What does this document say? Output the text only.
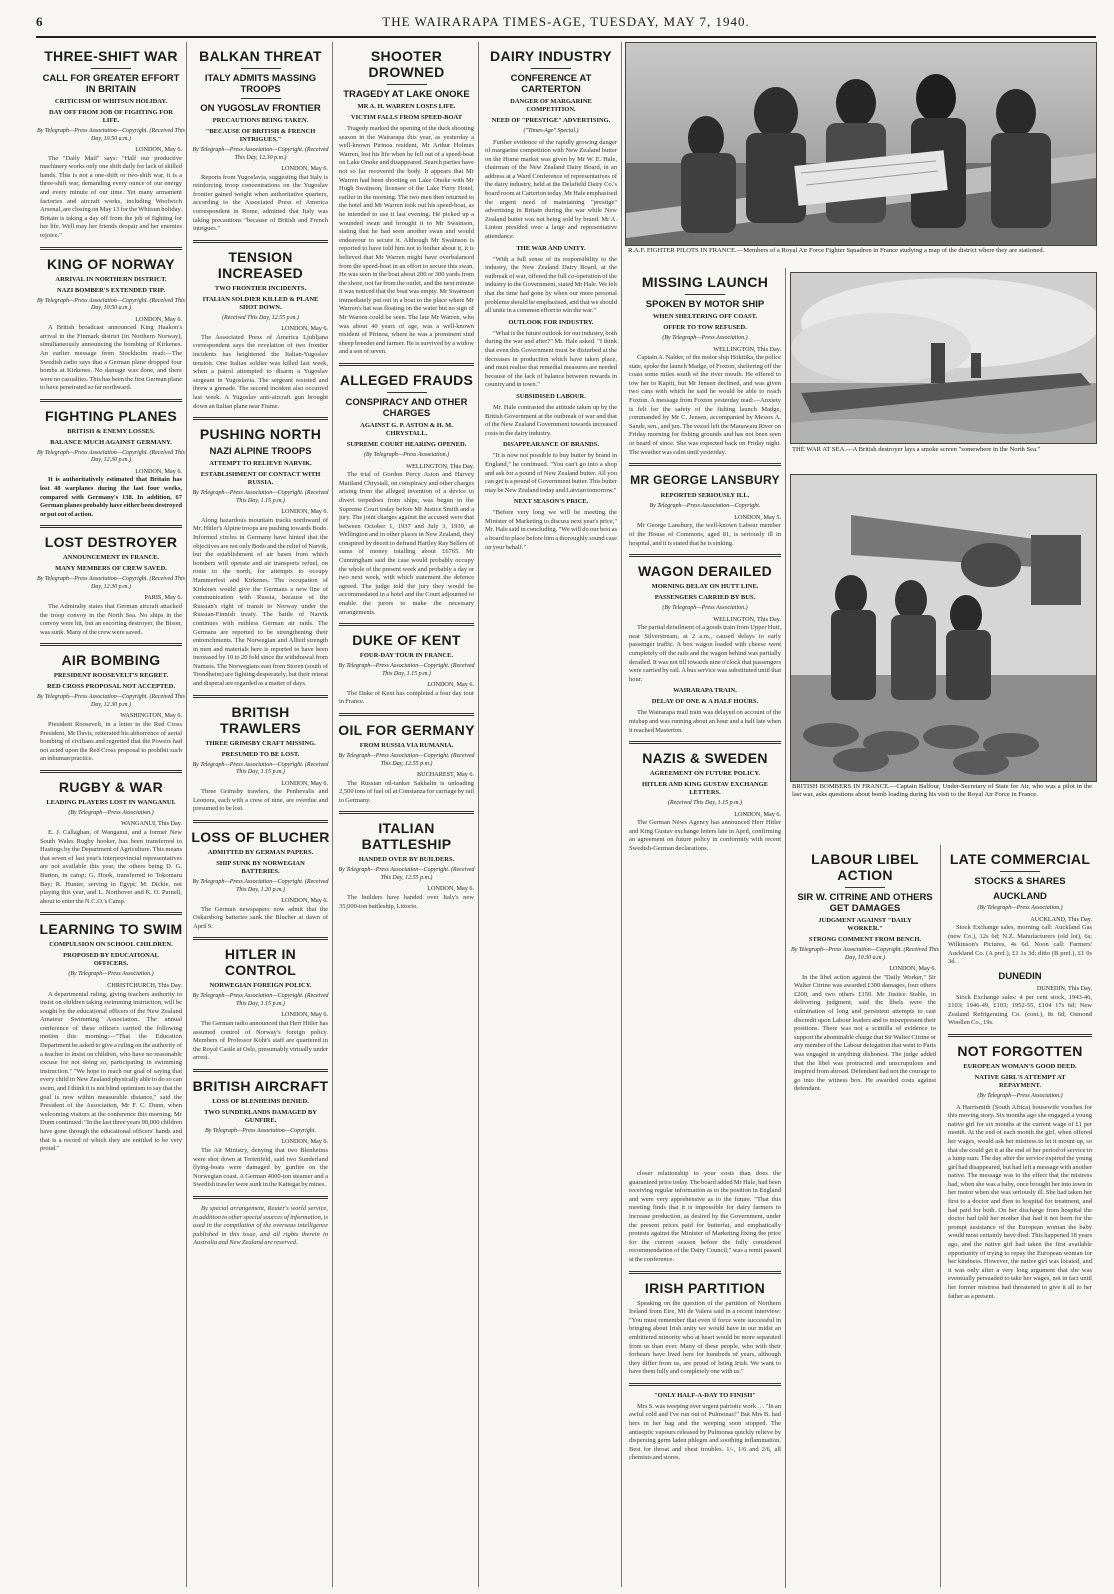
6	THE WAIRARAPA TIMES-AGE, TUESDAY, MAY 7, 1940.
THREE-SHIFT WAR
CALL FOR GREATER EFFORT IN BRITAIN
CRITICISM OF WHITSUN HOLIDAY.
DAY OFF FROM JOB OF FIGHTING FOR LIFE.
By Telegraph—Press Association—Copyright. (Received This Day, 10.50 a.m.)
LONDON, May 6.
The "Daily Mail" says: "Half our productive machinery works only one shift daily for lack of skilled hands. This is not a one-shift or two-shift war, it is a three-shift war, demanding every ounce of our energy and every minute of our time. Yet many armament factories and aircraft works, including Woolwich Arsenal, are closing on May 13 for the Whitsun holiday. Britain is taking a day off from the job of fighting for her life. Well may her friends despair and her enemies rejoice."
KING OF NORWAY
ARRIVAL IN NORTHERN DISTRICT.
NAZI BOMBER'S EXTENDED TRIP.
By Telegraph—Press Association—Copyright. (Received This Day, 10.50 a.m.)
LONDON, May 6.
A British broadcast announced King Haakon's arrival in the Finmark district (in Northern Norway), simultaneously announcing the bombing of Kirkenes. An earlier message from Stockholm read:—The Swedish radio says that a German plane dropped four bombs at Kirkenes. No damage was done, and there were no casualties. This has been the first German plane to have penetrated so far northward.
FIGHTING PLANES
BRITISH & ENEMY LOSSES.
BALANCE MUCH AGAINST GERMANY.
By Telegraph—Press Association—Copyright. (Received This Day, 12.30 p.m.)
LONDON, May 6.
It is authoritatively estimated that Britain has lost 48 warplanes during the last four weeks, compared with Germany's 138. In addition, 67 German planes probably have either been destroyed or put out of action.
LOST DESTROYER
ANNOUNCEMENT IN FRANCE.
MANY MEMBERS OF CREW SAVED.
By Telegraph—Press Association—Copyright. (Received This Day, 12.30 p.m.)
PARIS, May 6.
The Admiralty states that German aircraft attacked the troop convoy in the North Sea. No ships in the convoy were hit, but an escorting destroyer, the Bison, was sunk. Many of the crew were saved.
AIR BOMBING
PRESIDENT ROOSEVELT'S REGRET.
RED CROSS PROPOSAL NOT ACCEPTED.
By Telegraph—Press Association—Copyright. (Received This Day, 12.30 p.m.)
WASHINGTON, May 6.
President Roosevelt, in a letter to the Red Cross President, Mr Davis, reiterated his abhorrence of aerial bombing of civilians and regretted that the Powers had not acted upon the Red Cross proposal to prohibit such an inhuman practice.
RUGBY & WAR
LEADING PLAYERS LOST IN WANGANUI.
(By Telegraph—Press Association.)
WANGANUI, This Day.
E. J. Callaghan, of Wanganui, and a former New South Wales Rugby hooker, has been transferred to Hastings by the Department of Agriculture. This means that seven of last year's interprovincial representatives are not available this year, the others being D. G. Burton, in camp; G. Hook, transferred to Tokomaru Bay; R. Hunter, serving in Egypt; M. Dickie, not playing this year, and L. Northover and K. O. Parnell, about to enter the N.C.O.'s Camp.
LEARNING TO SWIM
COMPULSION ON SCHOOL CHILDREN.
PROPOSED BY EDUCATIONAL OFFICERS.
(By Telegraph—Press Association.)
CHRISTCHURCH, This Day.
A departmental ruling, giving teachers authority to insist on children taking swimming instruction, will be sought by the educational officers of the New Zealand Amateur Swimming Association. The annual conference of these officers carried the following motion this morning:—"That the Education Department be asked to give a ruling on the authority of a teacher to insist on children, who have no reasonable excuse for not doing so, participating in swimming instruction." "We hope to reach our goal of saying that every child in New Zealand physically able to do so can swim, and I think it is not blind optimism to say that the goal is now within measurable distance," said the President of the Association, Mr F. C. Dunn, when welcoming visitors at the conference this morning. Mr Dunn continued: "In the last three years 90,000 children have gone through the educational officers' hands and that is a record of which they are entitled to be very proud."
BALKAN THREAT
ITALY ADMITS MASSING TROOPS
ON YUGOSLAV FRONTIER
PRECAUTIONS BEING TAKEN.
"BECAUSE OF BRITISH & FRENCH INTRIGUES."
By Telegraph—Press Association—Copyright. (Received This Day, 12.30 p.m.)
LONDON, May 6.
Reports from Yugoslavia, suggesting that Italy is reinforcing troop concentrations on the Yugoslav frontier gained weight when authoritative quarters, according to the Associated Press of America correspondent in Rome, admitted that Italy was taking precautions "because of British and French intrigues."
TENSION INCREASED
TWO FRONTIER INCIDENTS.
ITALIAN SOLDIER KILLED & PLANE SHOT DOWN.
(Received This Day, 12.55 p.m.)
LONDON, May 6.
The Associated Press of America Ljubljana correspondent says the revelation of two frontier incidents has heightened the Italian-Yugoslav tension. One Italian soldier was killed last week, when a patrol attempted to disarm a Yugoslav sergeant in Yugoslavia. The sergeant resisted and threw a grenade. The second incident also occurred last week. A Yugoslav anti-aircraft gun brought down an Italian plane near Fiume.
PUSHING NORTH
NAZI ALPINE TROOPS
ATTEMPT TO RELIEVE NARVIK.
ESTABLISHMENT OF CONTACT WITH RUSSIA.
By Telegraph—Press Association—Copyright. (Received This Day, 1.15 p.m.)
LONDON, May 6.
Along hazardous mountain tracks northward of Mr. Hitler's Alpine troops are pushing towards Bodo. Informed circles in Germany have hinted that the objectives are not only Bodo and the relief of Narvik, but the establishment of air bases from which bombers will operate and air transports refuel, on route to the north, for attempts to occupy Hammerfest and Kirkenes. The occupation of Kirkenes would give the Germans a new line of communication with Russia, because of the Russian's right of transit to Norway under the Russian-Finnish treaty. The battle of Narvik continues with ruthless German air raids. The Germans are reported to be strengthening their entrenchments. The Norwegian and Allied strength in men and materials here is reported to have been increased by 10 to 20 fold since the withdrawal from Namsos. The Norwegians east from Storen (south of Trondheim) are fighting desperately, but their retreat and disperal are regarded as a matter of days.
BRITISH TRAWLERS
THREE GRIMSBY CRAFT MISSING.
PRESUMED TO BE LOST.
By Telegraph—Press Association—Copyright. (Received This Day, 1.15 p.m.)
LONDON, May 6.
Three Grimsby trawlers, the Penhevalis and Leonora, each with a crew of nine, are overdue and presumed to be lost.
LOSS OF BLUCHER
ADMITTED BY GERMAN PAPERS.
SHIP SUNK BY NORWEGIAN BATTERIES.
By Telegraph—Press Association—Copyright. (Received This Day, 1.20 p.m.)
LONDON, May 6.
The German newspapers now admit that the Oskarsborg batteries sank the Blucher at dawn of April 9.
HITLER IN CONTROL
NORWEGIAN FOREIGN POLICY.
By Telegraph—Press Association—Copyright. (Received This Day, 1.15 p.m.)
LONDON, May 6.
The German radio announced that Herr Hitler has assumed control of Norway's foreign policy. Members of Professor Koht's staff are quartered in the Royal Castle at Oslo, presumably virtually under arrest.
BRITISH AIRCRAFT
LOSS OF BLENHEIMS DENIED.
TWO SUNDERLANDS DAMAGED BY GUNFIRE.
By Telegraph—Press Association—Copyright.
LONDON, May 6.
The Air Ministry, denying that two Blenheims were shot down at Tertenfeld, said two Sunderland flying-boats were damaged by gunfire on the Norwegian coast. A German 4000-ton steamer and a Swedish trawler were sunk in the Kattegat by mines.
By special arrangement, Reuter's world service, in addition to other special sources of information, is used in the compilation of the overseas intelligence published in this issue, and all rights therein in Australia and New Zealand are reserved.
SHOOTER DROWNED
TRAGEDY AT LAKE ONOKE
MR A. H. WARREN LOSES LIFE.
VICTIM FALLS FROM SPEED-BOAT
Tragedy marked the opening of the duck shooting season in the Wairarapa this year, as yesterday a well-known Pirinoa resident, Mr Arthur Holmes Warren, lost his life when he fell out of a speed-boat on Lake Onoke and disappeared. Search parties have not so far recovered the body. It appears that Mr Warren had been shooting on Lake Onoke with Mr Hugh Swainson, licensee of the Lake Ferry Hotel, earlier in the morning. The two men then returned to the hotel and Mr Warren took out his speed-boat, as he intended to use it last evening. He picked up a wounded swan and brought it to Mr Swainson, stating that he had seen another swan and would endeavour to secure it. Although Mr Swainson is reported to have told him not to bother about it, it is believed that Mr Warren might have overbalanced from the speed-boat in an effort to secure this swan. He was seen in the boat about 200 or 300 yards from the shore, not far from the outlet, and the next minute it was noticed that the boat was empty. Mr Swainson immediately put out in a boat to the place where Mr Warren's hat was floating on the water but no sign of Mr Warren could be seen. The late Mr Warren, who was about 40 years of age, was a well-known resident of Pirinoa, where he was a prominent stud sheep breeder and farmer. He is survived by a widow and a son of seven.
ALLEGED FRAUDS
CONSPIRACY AND OTHER CHARGES
AGAINST G. P. ASTON & H. M. CHRYSTALL.
SUPREME COURT HEARING OPENED.
(By Telegraph—Press Association.)
WELLINGTON, This Day.
The trial of Gordon Percy Aston and Harvey Maitland Chrystall, on conspiracy and other charges arising from the alleged invention of a device to divert torpedoes from ships, was begun in the Supreme Court today before Mr Justice Smith and a jury. The joint charges against the accused were that between October 1, 1937 and July 3, 1939, at Wellington and in other places in New Zealand, they conspired by deceit to defraud Hartley Ray Sellers of sums of money totalling about £6765. Mr Cunningham said the case would probably occupy the whole of the present week and probably a day or two next week, with which statement the defence agreed. The judge told the jury they would be accommodated in a hotel and the Court adjourned to enable the jurors to make the necessary arrangements.
DUKE OF KENT
FOUR-DAY TOUR IN FRANCE.
By Telegraph—Press Association—Copyright. (Received This Day, 1.15 p.m.)
LONDON, May 6.
The Duke of Kent has completed a four day tour in France.
OIL FOR GERMANY
FROM RUSSIA VIA RUMANIA.
By Telegraph—Press Association—Copyright. (Received This Day, 12.55 p.m.)
BUCHAREST, May 6.
The Russian oil-tanker Sakhalin is unloading 2,500 tons of fuel oil at Constanza for carriage by rail to Germany.
ITALIAN BATTLESHIP
HANDED OVER BY BUILDERS.
By Telegraph—Press Association—Copyright. (Received This Day, 12.55 p.m.)
LONDON, May 6.
The builders have handed over Italy's new 35,000-ton battleship, Littorio.
DAIRY INDUSTRY
CONFERENCE AT CARTERTON
DANGER OF MARGARINE COMPETITION.
NEED OF "PRESTIGE" ADVERTISING.
("Times-Age" Special.)
Further evidence of the rapidly growing danger of margarine competition with New Zealand butter on the Home market was given by Mr W. E. Hale, chairman of the New Zealand Dairy Board, in an address at a Ward Conference of representatives of the dairy industry, held at the Delafield Dairy Co.'s board room at Carterton today. Mr Hale emphasised the urgent need of maintaining "prestige" advertising in Britain during the war while New Zealand butter was not being sold by brand. Mr A. Linton presided over a large and representative attendance.
THE WAR AND UNITY.
"With a full sense of its responsibility to the industry, the New Zealand Dairy Board, at the outbreak of war, offered the full co-operation of the industry to the Government, stated Mr Hale. We felt that the time had gone by when our more personal problems should be emphasised, and that we should all unite in a common effort to win the war."
OUTLOOK FOR INDUSTRY.
"What is the future outlook for our industry, both during the war and after?" Mr. Hale asked. "I think that even this Government must be disturbed at the decreases in production which have taken place, and must realise that remedial measures are needed because of the lack of balance between rewards in country and in town."
SUBSIDISED LABOUR.
Mr. Hale contrasted the attitude taken up by the British Government at the outbreak of war and that of the New Zealand Government towards increased costs in the dairy industry.
DISAPPEARANCE OF BRANDS.
"It is now not possible to buy butter by brand in England," he continued. "You can't go into a shop and ask for a pound of New Zealand butter. All you can get is a pound of Government butter. This butter may be New Zealand today and Latvian tomorrow."
NEXT SEASON'S PRICE.
"Before very long we will be meeting the Minister of Marketing to discuss next year's price," Mr. Hale said in concluding. "We will do our best as a board to place before him a thoroughly sound case on your behalf."
R.A.F. FIGHTER PILOTS IN FRANCE.—Members of a Royal Air Force Fighter Squadron in France studying a map of the district where they are stationed.
MISSING LAUNCH
SPOKEN BY MOTOR SHIP
WHEN SHELTERING OFF COAST.
OFFER TO TOW REFUSED.
(By Telegraph—Press Association.)
WELLINGTON, This Day.
Captain A. Nalder, of the motor ship Hokitika, the police state, spoke the launch Madge, of Foxton, sheltering off the coast some miles south of the river mouth. He offered to tow her to Kapiti, but Mr Jensen declined, and was given two cans with which he said he would be able to reach Foxton. A message from Foxton yesterday read:—Anxiety is felt for the safety of the fishing launch Madge, commanded by Mr C. Jensen, accompanied by Messrs A. Sands, sen., and jun. The vessel left the Manawatu River on Friday morning for fishing grounds and has not been seen or heard of since. She was expected back on Friday night. The weather was calm until yesterday.
MR GEORGE LANSBURY
REPORTED SERIOUSLY ILL.
By Telegraph—Press Association—Copyright.
LONDON, May 5.
Mr George Lansbury, the well-known Labour member of the House of Commons, aged 81, is seriously ill in hospital, and it is stated that he is sinking.
WAGON DERAILED
MORNING DELAY ON HUTT LINE.
PASSENGERS CARRIED BY BUS.
(By Telegraph—Press Association.)
WELLINGTON, This Day.
The partial derailment of a goods train from Upper Hutt, near Silverstream, at 2 a.m., caused delays to early passenger traffic. A box wagon loaded with cheese went completely off the rails and the wagon behind was partially derailed. It was not till towards nine o'clock that passengers were carried by rail. A bus service was substituted until that hour.
WAIRARAPA TRAIN.
DELAY OF ONE & A HALF HOURS.
The Wairarapa mail train was delayed on account of the mishap and was running about an hour and a half late when it reached Masterton.
NAZIS & SWEDEN
AGREEMENT ON FUTURE POLICY.
HITLER AND KING GUSTAV EXCHANGE LETTERS.
(Received This Day, 1.15 p.m.)
LONDON, May 6.
The German News Agency has announced Herr Hitler and King Gustav exchange letters late in April, confirming an agreement on future policy in conformity with recent Swedish-German declarations.
THE WAR AT SEA.—A British destroyer lays a smoke screen "somewhere in the North Sea."
BRITISH BOMBERS IN FRANCE.—Captain Balfour, Under-Secretary of State for Air, who was a pilot in the last war, asks questions about bomb loading during his visit to the Royal Air Force in France.
closer relationship to your costs than does the guaranteed price today. The board added Mr Hale, had been receiving regular information as to the position in England and were very apprehensive as to the future. "That this meeting finds that it is impossible for dairy farmers to increase production, as desired by the Government, under the present prices paid for butterfat, and emphatically protests against the Minister of Marketing fixing the price for the current season before the fully considered recommendation of the Dairy Council," was a remit passed at the conference.
IRISH PARTITION
Speaking on the question of the partition of Northern Ireland from Eire, Mr de Valera said in a recent interview: "You must remember that even if force were successful in bringing about Irish unity we would have in our midst an embittered minority who at heart would be more separated from us than ever. Many of these people, who with their forbears have lived here for hundreds of years, although they differ from us, are proud of being Irish. We want to have them fully and completely one with us."
"ONLY HALF-A-DAY TO FINISH"
Mrs S. was weeping over urgent patriotic work . . . "In an awful cold and I've run out of Pulmonas!" But Mrs B. had hers in her bag and the weeping soon stopped. The antiseptic vapours released by Pulmonas quickly relieve by dispersing germ laden phlegm and soothing inflammation. Best for throat and chest troubles. 1/-, 1/6 and 2/6, all chemists and stores.
LABOUR LIBEL ACTION
SIR W. CITRINE AND OTHERS GET DAMAGES
JUDGMENT AGAINST "DAILY WORKER."
STRONG COMMENT FROM BENCH.
By Telegraph—Press Association—Copyright. (Received This Day, 10.30 a.m.)
LONDON, May 6.
In the libel action against the "Daily Worker," Sir Walter Citrine was awarded £300 damages, four others £200, and two others £150. Mr Justice Stable, in delivering judgment, said the libels were the culmination of long and persistent attempts to cast discredit upon Labour leaders and to misrepresent their positions. There was not a scintilla of evidence to support the abominable charge that Sir Walter Citrine or any member of the Labour delegation that went to Paris was engaged in anything dishonest. The judge added that the libel was protracted and unscrupulous and inspired from abroad. Defendant had not the courage to go into the witness box. He awarded costs against defendant.
LATE COMMERCIAL
STOCKS & SHARES
AUCKLAND
(By Telegraph—Press Association.)
AUCKLAND, This Day.
Stock Exchange sales, morning call: Auckland Gas (new Co.), 12s 6d; N.Z. Manufacturers (old lot), 6s; Wilkinson's Pictures, 4s 6d. Noon call: Farmers' Auckland Co. (A pref.), £1 1s 3d; ditto (B pref.), £1 0s 3d.
DUNEDIN
DUNEDIN, This Day.
Stock Exchange sales: 4 per cent stock, 1943-46, £103; 1946-49, £103; 1952-55, £104 17s 6d; New Zealand Refrigerating Co. (cont.), 8s 6d; Osmond Woollen Co., 19s.
NOT FORGOTTEN
EUROPEAN WOMAN'S GOOD DEED.
NATIVE GIRL'S ATTEMPT AT REPAYMENT.
(By Telegraph—Press Association.)
A Harrismith (South Africa) housewife vouches for this moving story. Six months ago she engaged a young native girl for six months at the current wage of £1 per month. At the end of each month the girl, when offered her wages, would ask her mistress to let it mount up, so that she could get it at the end of her period of service in a lump sum. The day after the service expired the young girl had disappeared, but had left a message with another native. The message was to the effect that the mistress had, when she was a baby, once brought her into town in her motor when she was seriously ill. She had taken her first to a doctor and then to hospital for treatment, and had paid for both. On her discharge from hospital the doctor had told her mother that had it not been for the prompt assistance of the European woman the baby would most certainly have died. This happened 18 years ago, and the native girl had taken the first available opportunity of trying to repay the European woman for her kindness. However, the native girl was located, and it was only after a very long argument that she was eventually persuaded to take her wages, not in fact until her former mistress had threatened to give it all to her father as a present.
